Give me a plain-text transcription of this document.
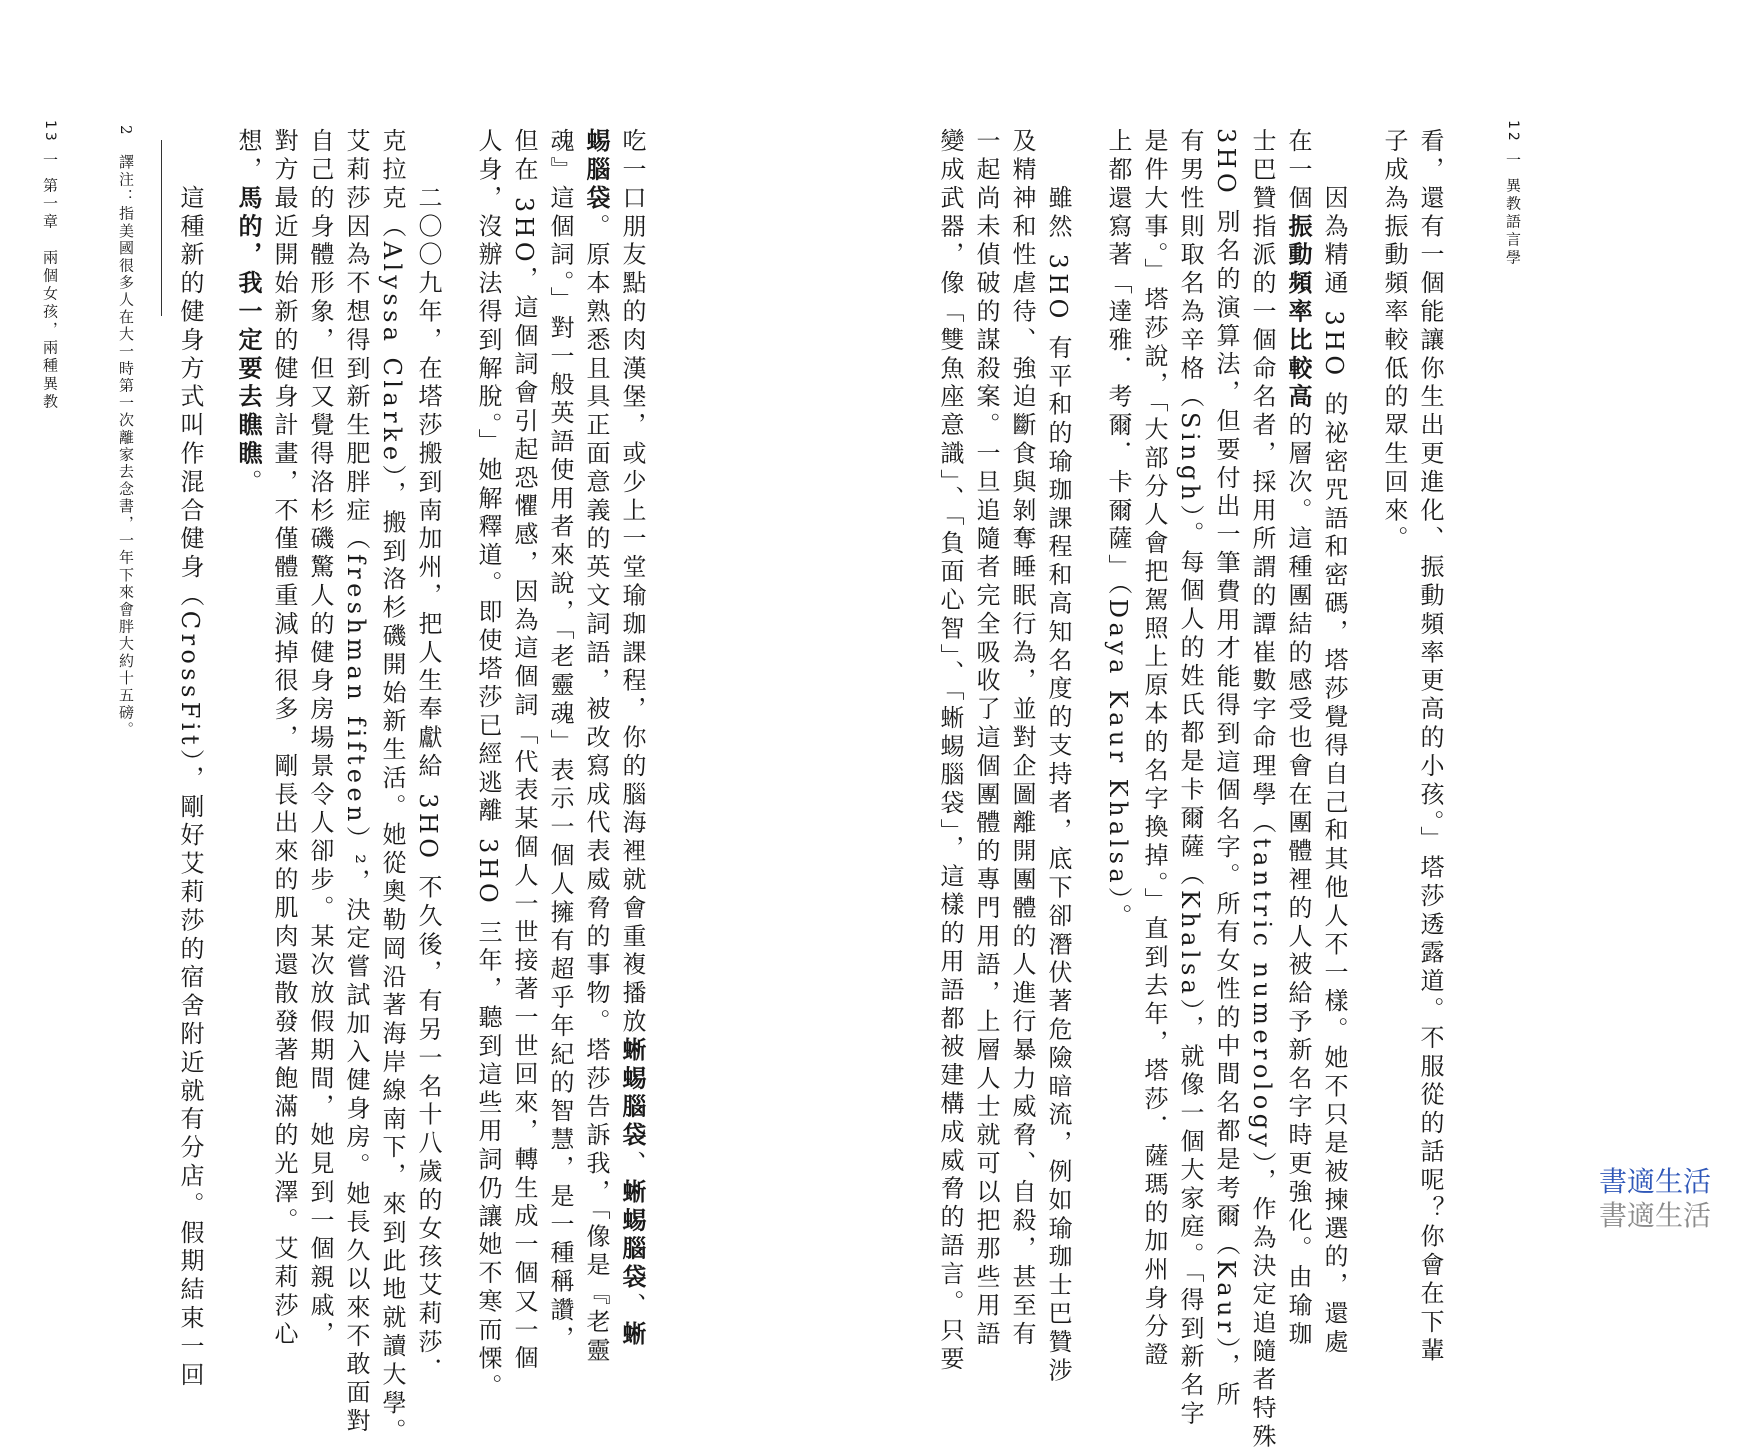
12 一 異教語言學
13 一 第一章　兩個女孩，兩種異教	2　譯注：指美國很多人在大一時第一次離家去念書，一年下來會胖大約十五磅。	看，還有一個能讓你生出更進化、振動頻率更高的小孩。」塔莎透露道。不服從的話呢？你會在下輩
子成為振動頻率較低的眾生回來。
　　因為精通 3HO 的祕密咒語和密碼，塔莎覺得自己和其他人不一樣。她不只是被揀選的，還處
在一個振動頻率比較高的層次。這種團結的感受也會在團體裡的人被給予新名字時更強化。由瑜珈
士巴贊指派的一個命名者，採用所謂的譚崔數字命理學（tantric numerology），作為決定追隨者特殊
3HO 別名的演算法，但要付出一筆費用才能得到這個名字。所有女性的中間名都是考爾（Kaur），所
有男性則取名為辛格（Singh）。每個人的姓氏都是卡爾薩（Khalsa），就像一個大家庭。「得到新名字
是件大事。」塔莎說，「大部分人會把駕照上原本的名字換掉。」直到去年，塔莎．薩瑪的加州身分證
上都還寫著「達雅．考爾．卡爾薩」（Daya Kaur Khalsa）。
　　雖然 3HO 有平和的瑜珈課程和高知名度的支持者，底下卻潛伏著危險暗流，例如瑜珈士巴贊涉
及精神和性虐待、強迫斷食與剝奪睡眠行為，並對企圖離開團體的人進行暴力威脅、自殺，甚至有
一起尚未偵破的謀殺案。一旦追隨者完全吸收了這個團體的專門用語，上層人士就可以把那些用語
變成武器，像「雙魚座意識」、「負面心智」、「蜥蜴腦袋」，這樣的用語都被建構成威脅的語言。只要
吃一口朋友點的肉漢堡，或少上一堂瑜珈課程，你的腦海裡就會重複播放蜥蜴腦袋、蜥蜴腦袋、蜥
蜴腦袋。原本熟悉且具正面意義的英文詞語，被改寫成代表威脅的事物。塔莎告訴我，「像是『老靈
魂』這個詞。」對一般英語使用者來說，「老靈魂」表示一個人擁有超乎年紀的智慧，是一種稱讚，
但在 3HO，這個詞會引起恐懼感，因為這個詞「代表某個人一世接著一世回來，轉生成一個又一個
人身，沒辦法得到解脫。」她解釋道。即使塔莎已經逃離 3HO 三年，聽到這些用詞仍讓她不寒而慄。
　　二〇〇九年，在塔莎搬到南加州，把人生奉獻給 3HO 不久後，有另一名十八歲的女孩艾莉莎．
克拉克（Alyssa Clarke），搬到洛杉磯開始新生活。她從奧勒岡沿著海岸線南下，來到此地就讀大學。
艾莉莎因為不想得到新生肥胖症（freshman fifteen）²，決定嘗試加入健身房。她長久以來不敢面對
自己的身體形象，但又覺得洛杉磯驚人的健身房場景令人卻步。某次放假期間，她見到一個親戚，
對方最近開始新的健身計畫，不僅體重減掉很多，剛長出來的肌肉還散發著飽滿的光澤。艾莉莎心
想，馬的，我一定要去瞧瞧。
　　這種新的健身方式叫作混合健身（CrossFit），剛好艾莉莎的宿舍附近就有分店。假期結束一回	書適生活
書適生活
